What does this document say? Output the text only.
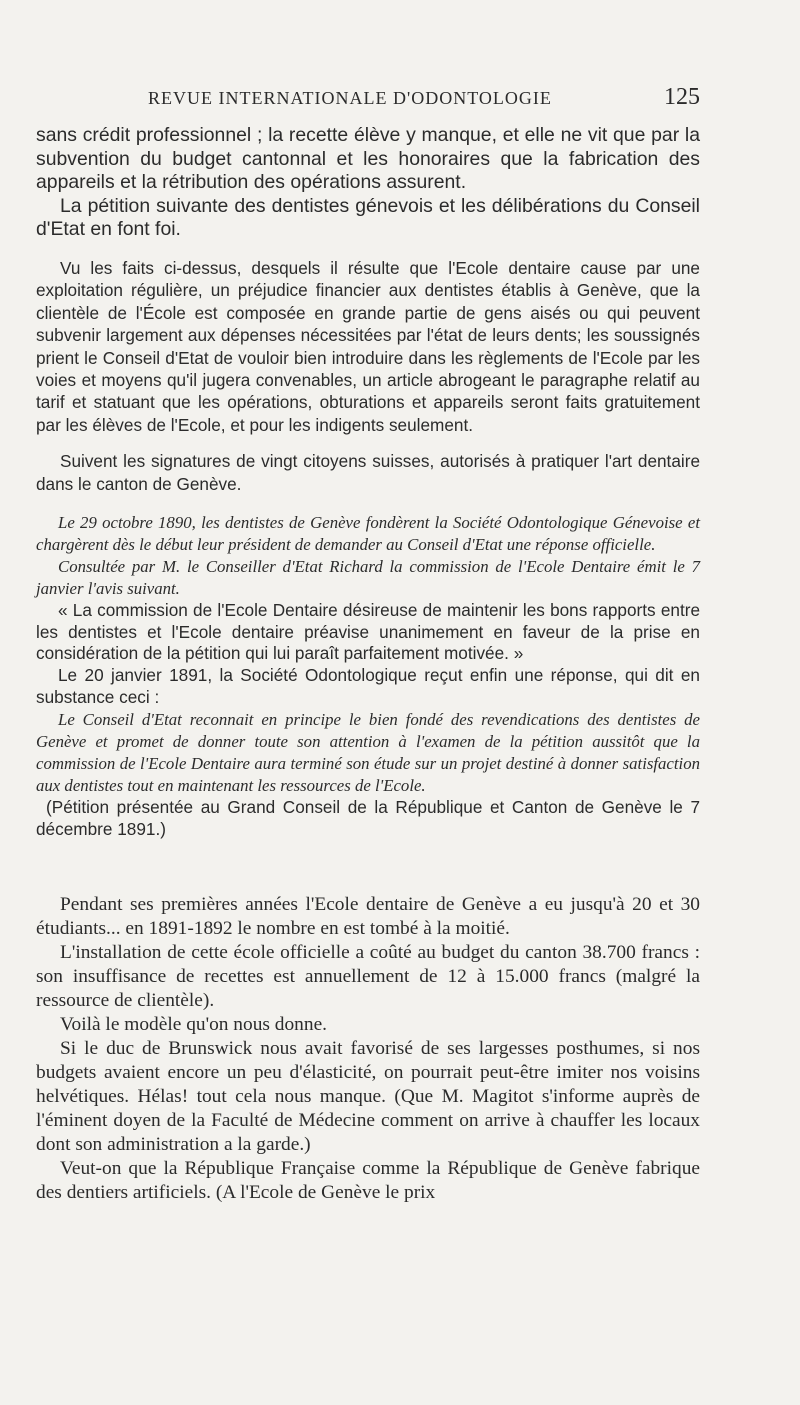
REVUE INTERNATIONALE D'ODONTOLOGIE	125

sans crédit professionnel ; la recette élève y manque, et elle ne vit que par la subvention du budget cantonnal et les honoraires que la fabrication des appareils et la rétribution des opérations assurent.

La pétition suivante des dentistes génevois et les délibérations du Conseil d'Etat en font foi.

Vu les faits ci-dessus, desquels il résulte que l'Ecole dentaire cause par une exploitation régulière, un préjudice financier aux dentistes établis à Genève, que la clientèle de l'École est composée en grande partie de gens aisés ou qui peuvent subvenir largement aux dépenses nécessitées par l'état de leurs dents; les soussignés prient le Conseil d'Etat de vouloir bien introduire dans les règlements de l'Ecole par les voies et moyens qu'il jugera convenables, un article abrogeant le paragraphe relatif au tarif et statuant que les opérations, obturations et appareils seront faits gratuitement par les élèves de l'Ecole, et pour les indigents seulement.

Suivent les signatures de vingt citoyens suisses, autorisés à pratiquer l'art dentaire dans le canton de Genève.

Le 29 octobre 1890, les dentistes de Genève fondèrent la Société Odontologique Génevoise et chargèrent dès le début leur président de demander au Conseil d'Etat une réponse officielle.

Consultée par M. le Conseiller d'Etat Richard la commission de l'Ecole Dentaire émit le 7 janvier l'avis suivant.

« La commission de l'Ecole Dentaire désireuse de maintenir les bons rapports entre les dentistes et l'Ecole dentaire préavise unanimement en faveur de la prise en considération de la pétition qui lui paraît parfaitement motivée. »

Le 20 janvier 1891, la Société Odontologique reçut enfin une réponse, qui dit en substance ceci :

Le Conseil d'Etat reconnait en principe le bien fondé des revendications des dentistes de Genève et promet de donner toute son attention à l'examen de la pétition aussitôt que la commission de l'Ecole Dentaire aura terminé son étude sur un projet destiné à donner satisfaction aux dentistes tout en maintenant les ressources de l'Ecole.

(Pétition présentée au Grand Conseil de la République et Canton de Genève le 7 décembre 1891.)

Pendant ses premières années l'Ecole dentaire de Genève a eu jusqu'à 20 et 30 étudiants... en 1891-1892 le nombre en est tombé à la moitié.

L'installation de cette école officielle a coûté au budget du canton 38.700 francs : son insuffisance de recettes est annuellement de 12 à 15.000 francs (malgré la ressource de clientèle).

Voilà le modèle qu'on nous donne.

Si le duc de Brunswick nous avait favorisé de ses largesses posthumes, si nos budgets avaient encore un peu d'élasticité, on pourrait peut-être imiter nos voisins helvétiques. Hélas! tout cela nous manque. (Que M. Magitot s'informe auprès de l'éminent doyen de la Faculté de Médecine comment on arrive à chauffer les locaux dont son administration a la garde.)

Veut-on que la République Française comme la République de Genève fabrique des dentiers artificiels. (A l'Ecole de Genève le prix
